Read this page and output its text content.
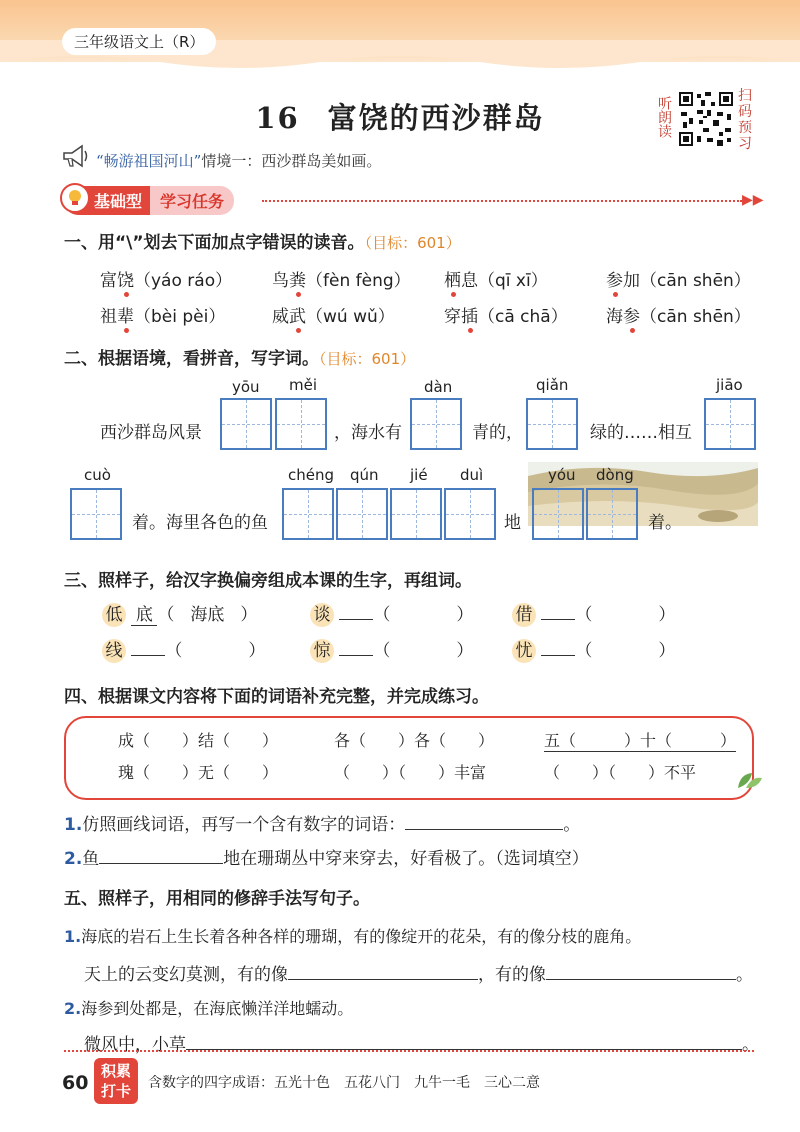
三年级语文上（R）
16 富饶的西沙群岛	听朗读	扫
码
预
习
“畅游祖国河山”情境一：西沙群岛美如画。
基础型 学习任务	▶▶
一、用“\”划去下面加点字错误的读音。（目标：601）
富饶（yáo ráo） 鸟粪（fèn fèng） 栖息（qī xī）	参加（cān shēn）
祖辈（bèi pèi）	威武（wú wǔ）	穿插（cā chā） 海参（cān shēn）
二、根据语境，看拼音，写字词。（目标：601）
yōu měi	dàn	qiǎn	jiāo
西沙群岛风景	，海水有	青的，	绿的……相互
cuò	chéng qún jié duì	yóu dòng
着。海里各色的鱼	地	着。
三、照样子，给汉字换偏旁组成本课的生字，再组词。
低 底 （ 海底 ）	谈	（	） 借	（	）
线	（	）	惊	（	） 忧	（	）
四、根据课文内容将下面的词语补充完整，并完成练习。
成（　　）结（　　）	各（　　）各（　　）	五（　　　）十（　　　）
瑰（　　）无（　　）	（　　）（　　）丰富	（　　）（　　）不平
1.仿照画线词语，再写一个含有数字的词语：	。
2.鱼	地在珊瑚丛中穿来穿去，好看极了。（选词填空）
五、照样子，用相同的修辞手法写句子。
1.海底的岩石上生长着各种各样的珊瑚，有的像绽开的花朵，有的像分枝的鹿角。
天上的云变幻莫测，有的像	，有的像	。
2.海参到处都是，在海底懒洋洋地蠕动。
微风中，小草	。
60
积累
打卡	含数字的四字成语：五光十色　五花八门　九牛一毛　三心二意
